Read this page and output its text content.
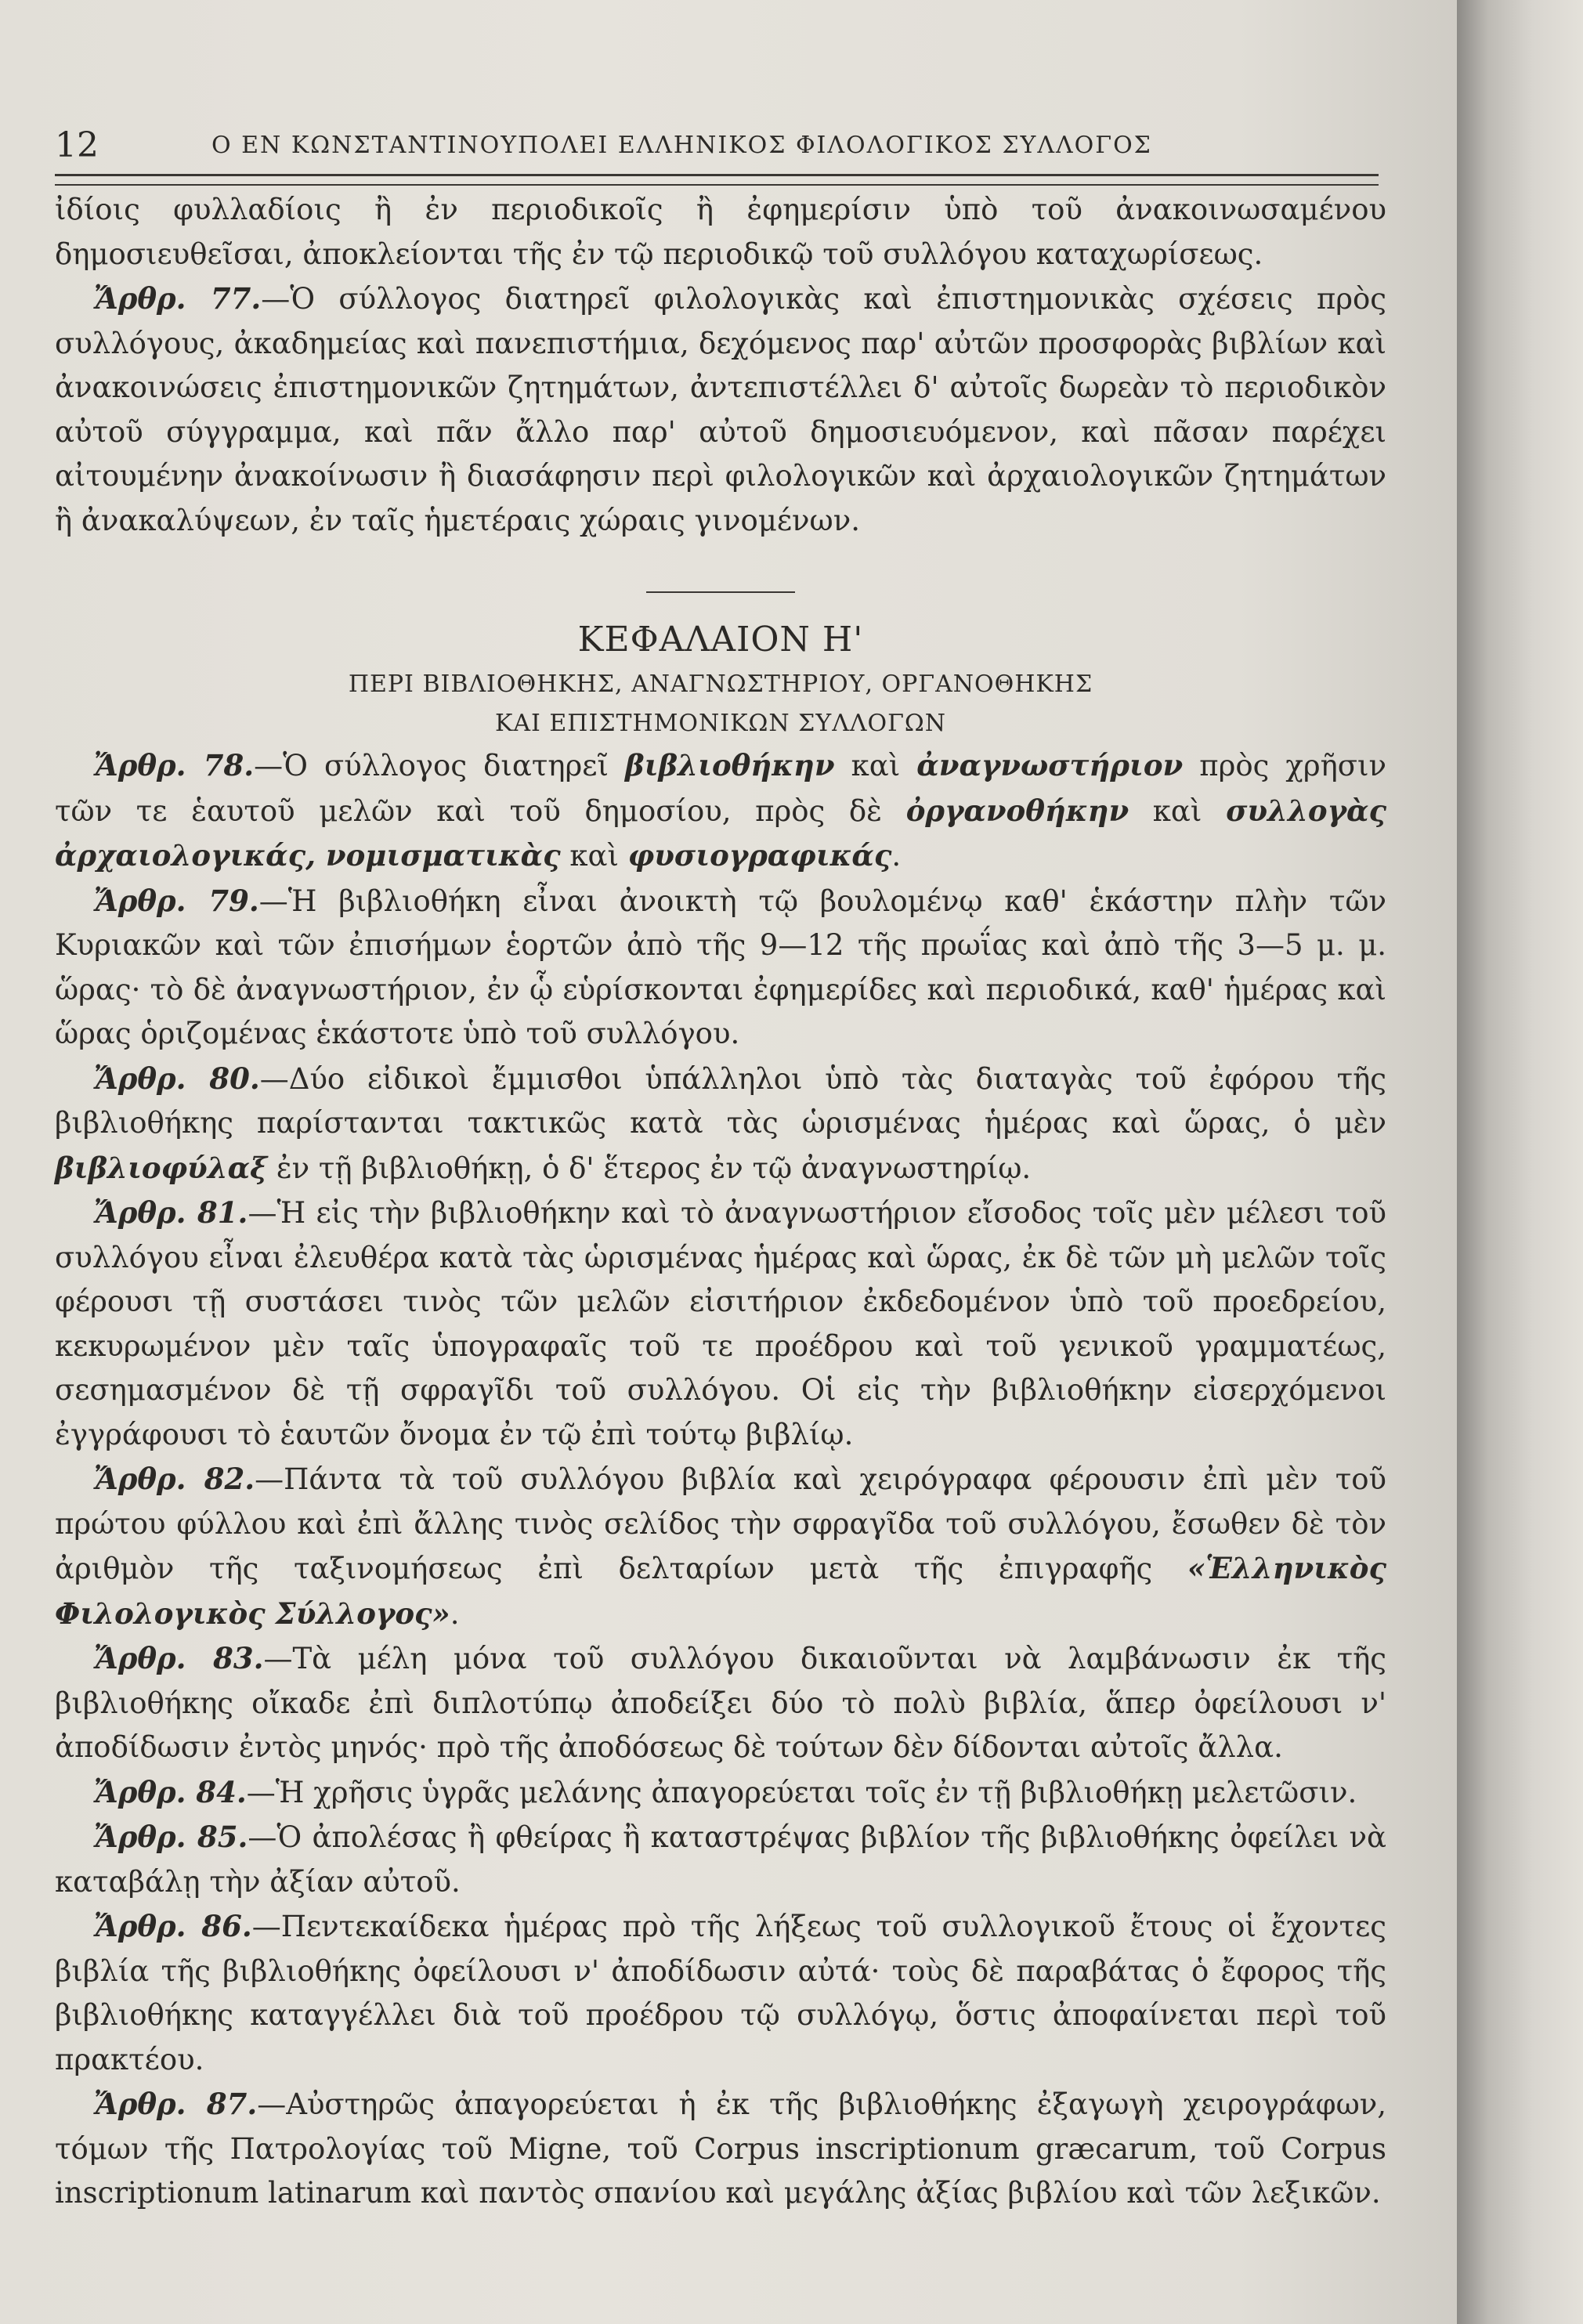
12	Ο ΕΝ ΚΩΝΣΤΑΝΤΙΝΟΥΠΟΛΕΙ ΕΛΛΗΝΙΚΟΣ ΦΙΛΟΛΟΓΙΚΟΣ ΣΥΛΛΟΓΟΣ

ἰδίοις φυλλαδίοις ἢ ἐν περιοδικοῖς ἢ ἐφημερίσιν ὑπὸ τοῦ ἀνακοινωσαμένου δημοσιευθεῖσαι, ἀποκλείονται τῆς ἐν τῷ περιοδικῷ τοῦ συλλόγου καταχωρίσεως.

Ἄρθρ. 77.—Ὁ σύλλογος διατηρεῖ φιλολογικὰς καὶ ἐπιστημονικὰς σχέσεις πρὸς συλλόγους, ἀκαδημείας καὶ πανεπιστήμια, δεχόμενος παρ' αὐτῶν προσφορὰς βιβλίων καὶ ἀνακοινώσεις ἐπιστημονικῶν ζητημάτων, ἀντεπιστέλλει δ' αὐτοῖς δωρεὰν τὸ περιοδικὸν αὐτοῦ σύγγραμμα, καὶ πᾶν ἄλλο παρ' αὐτοῦ δημοσιευόμενον, καὶ πᾶσαν παρέχει αἰτουμένην ἀνακοίνωσιν ἢ διασάφησιν περὶ φιλολογικῶν καὶ ἀρχαιολογικῶν ζητημάτων ἢ ἀνακαλύψεων, ἐν ταῖς ἡμετέραις χώραις γινομένων.

ΚΕΦΑΛΑΙΟΝ Η'

ΠΕΡΙ ΒΙΒΛΙΟΘΗΚΗΣ, ΑΝΑΓΝΩΣΤΗΡΙΟΥ, ΟΡΓΑΝΟΘΗΚΗΣ

ΚΑΙ ΕΠΙΣΤΗΜΟΝΙΚΩΝ ΣΥΛΛΟΓΩΝ

Ἄρθρ. 78.—Ὁ σύλλογος διατηρεῖ βιβλιοθήκην καὶ ἀναγνωστήριον πρὸς χρῆσιν τῶν τε ἑαυτοῦ μελῶν καὶ τοῦ δημοσίου, πρὸς δὲ ὀργανοθήκην καὶ συλλογὰς ἀρχαιολογικάς, νομισματικὰς καὶ φυσιογραφικάς.

Ἄρθρ. 79.—Ἡ βιβλιοθήκη εἶναι ἀνοικτὴ τῷ βουλομένῳ καθ' ἑκάστην πλὴν τῶν Κυριακῶν καὶ τῶν ἐπισήμων ἑορτῶν ἀπὸ τῆς 9—12 τῆς πρωΐας καὶ ἀπὸ τῆς 3—5 μ. μ. ὥρας· τὸ δὲ ἀναγνωστήριον, ἐν ᾧ εὑρίσκονται ἐφημερίδες καὶ περιοδικά, καθ' ἡμέρας καὶ ὥρας ὁριζομένας ἑκάστοτε ὑπὸ τοῦ συλλόγου.

Ἄρθρ. 80.—Δύο εἰδικοὶ ἔμμισθοι ὑπάλληλοι ὑπὸ τὰς διαταγὰς τοῦ ἐφόρου τῆς βιβλιοθήκης παρίστανται τακτικῶς κατὰ τὰς ὡρισμένας ἡμέρας καὶ ὥρας, ὁ μὲν βιβλιοφύλαξ ἐν τῇ βιβλιοθήκῃ, ὁ δ' ἕτερος ἐν τῷ ἀναγνωστηρίῳ.

Ἄρθρ. 81.—Ἡ εἰς τὴν βιβλιοθήκην καὶ τὸ ἀναγνωστήριον εἴσοδος τοῖς μὲν μέλεσι τοῦ συλλόγου εἶναι ἐλευθέρα κατὰ τὰς ὡρισμένας ἡμέρας καὶ ὥρας, ἐκ δὲ τῶν μὴ μελῶν τοῖς φέρουσι τῇ συστάσει τινὸς τῶν μελῶν εἰσιτήριον ἐκδεδομένον ὑπὸ τοῦ προεδρείου, κεκυρωμένον μὲν ταῖς ὑπογραφαῖς τοῦ τε προέδρου καὶ τοῦ γενικοῦ γραμματέως, σεσημασμένον δὲ τῇ σφραγῖδι τοῦ συλλόγου. Οἱ εἰς τὴν βιβλιοθήκην εἰσερχόμενοι ἐγγράφουσι τὸ ἑαυτῶν ὄνομα ἐν τῷ ἐπὶ τούτῳ βιβλίῳ.

Ἄρθρ. 82.—Πάντα τὰ τοῦ συλλόγου βιβλία καὶ χειρόγραφα φέρουσιν ἐπὶ μὲν τοῦ πρώτου φύλλου καὶ ἐπὶ ἄλλης τινὸς σελίδος τὴν σφραγῖδα τοῦ συλλόγου, ἔσωθεν δὲ τὸν ἀριθμὸν τῆς ταξινομήσεως ἐπὶ δελταρίων μετὰ τῆς ἐπιγραφῆς «Ἑλληνικὸς Φιλολογικὸς Σύλλογος».

Ἄρθρ. 83.—Τὰ μέλη μόνα τοῦ συλλόγου δικαιοῦνται νὰ λαμβάνωσιν ἐκ τῆς βιβλιοθήκης οἴκαδε ἐπὶ διπλοτύπῳ ἀποδείξει δύο τὸ πολὺ βιβλία, ἅπερ ὀφείλουσι ν' ἀποδίδωσιν ἐντὸς μηνός· πρὸ τῆς ἀποδόσεως δὲ τούτων δὲν δίδονται αὐτοῖς ἄλλα.

Ἄρθρ. 84.—Ἡ χρῆσις ὑγρᾶς μελάνης ἀπαγορεύεται τοῖς ἐν τῇ βιβλιοθήκῃ μελετῶσιν.

Ἄρθρ. 85.—Ὁ ἀπολέσας ἢ φθείρας ἢ καταστρέψας βιβλίον τῆς βιβλιοθήκης ὀφείλει νὰ καταβάλῃ τὴν ἀξίαν αὐτοῦ.

Ἄρθρ. 86.—Πεντεκαίδεκα ἡμέρας πρὸ τῆς λήξεως τοῦ συλλογικοῦ ἔτους οἱ ἔχοντες βιβλία τῆς βιβλιοθήκης ὀφείλουσι ν' ἀποδίδωσιν αὐτά· τοὺς δὲ παραβάτας ὁ ἔφορος τῆς βιβλιοθήκης καταγγέλλει διὰ τοῦ προέδρου τῷ συλλόγῳ, ὅστις ἀποφαίνεται περὶ τοῦ πρακτέου.

Ἄρθρ. 87.—Αὐστηρῶς ἀπαγορεύεται ἡ ἐκ τῆς βιβλιοθήκης ἐξαγωγὴ χειρογράφων, τόμων τῆς Πατρολογίας τοῦ Migne, τοῦ Corpus inscriptionum græcarum, τοῦ Corpus inscriptionum latinarum καὶ παντὸς σπανίου καὶ μεγάλης ἀξίας βιβλίου καὶ τῶν λεξικῶν.
